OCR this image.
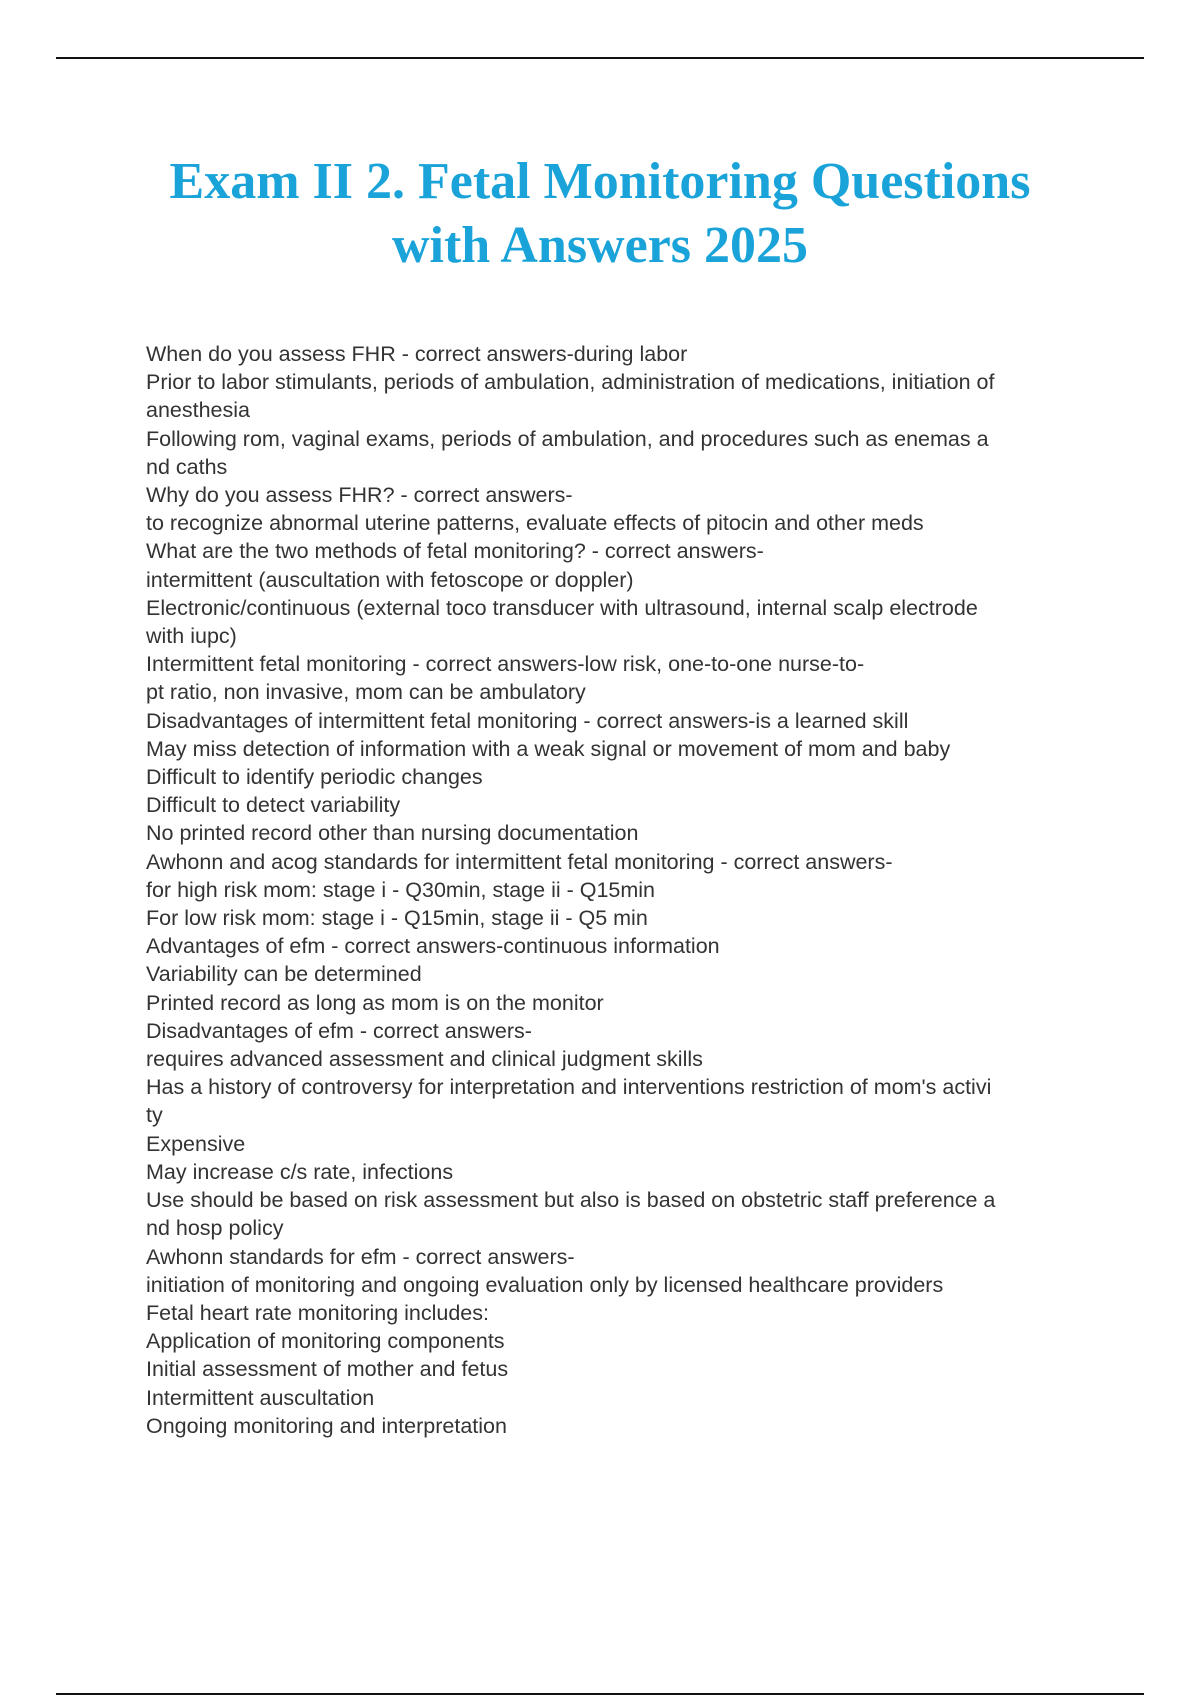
Exam II 2. Fetal Monitoring Questions
with Answers 2025
When do you assess FHR - correct answers-during labor
Prior to labor stimulants, periods of ambulation, administration of medications, initiation of
anesthesia
Following rom, vaginal exams, periods of ambulation, and procedures such as enemas a
nd caths
Why do you assess FHR? - correct answers-
to recognize abnormal uterine patterns, evaluate effects of pitocin and other meds
What are the two methods of fetal monitoring? - correct answers-
intermittent (auscultation with fetoscope or doppler)
Electronic/continuous (external toco transducer with ultrasound, internal scalp electrode
with iupc)
Intermittent fetal monitoring - correct answers-low risk, one-to-one nurse-to-
pt ratio, non invasive, mom can be ambulatory
Disadvantages of intermittent fetal monitoring - correct answers-is a learned skill
May miss detection of information with a weak signal or movement of mom and baby
Difficult to identify periodic changes
Difficult to detect variability
No printed record other than nursing documentation
Awhonn and acog standards for intermittent fetal monitoring - correct answers-
for high risk mom: stage i - Q30min, stage ii - Q15min
For low risk mom: stage i - Q15min, stage ii - Q5 min
Advantages of efm - correct answers-continuous information
Variability can be determined
Printed record as long as mom is on the monitor
Disadvantages of efm - correct answers-
requires advanced assessment and clinical judgment skills
Has a history of controversy for interpretation and interventions restriction of mom's activi
ty
Expensive
May increase c/s rate, infections
Use should be based on risk assessment but also is based on obstetric staff preference a
nd hosp policy
Awhonn standards for efm - correct answers-
initiation of monitoring and ongoing evaluation only by licensed healthcare providers
Fetal heart rate monitoring includes:
Application of monitoring components
Initial assessment of mother and fetus
Intermittent auscultation
Ongoing monitoring and interpretation
